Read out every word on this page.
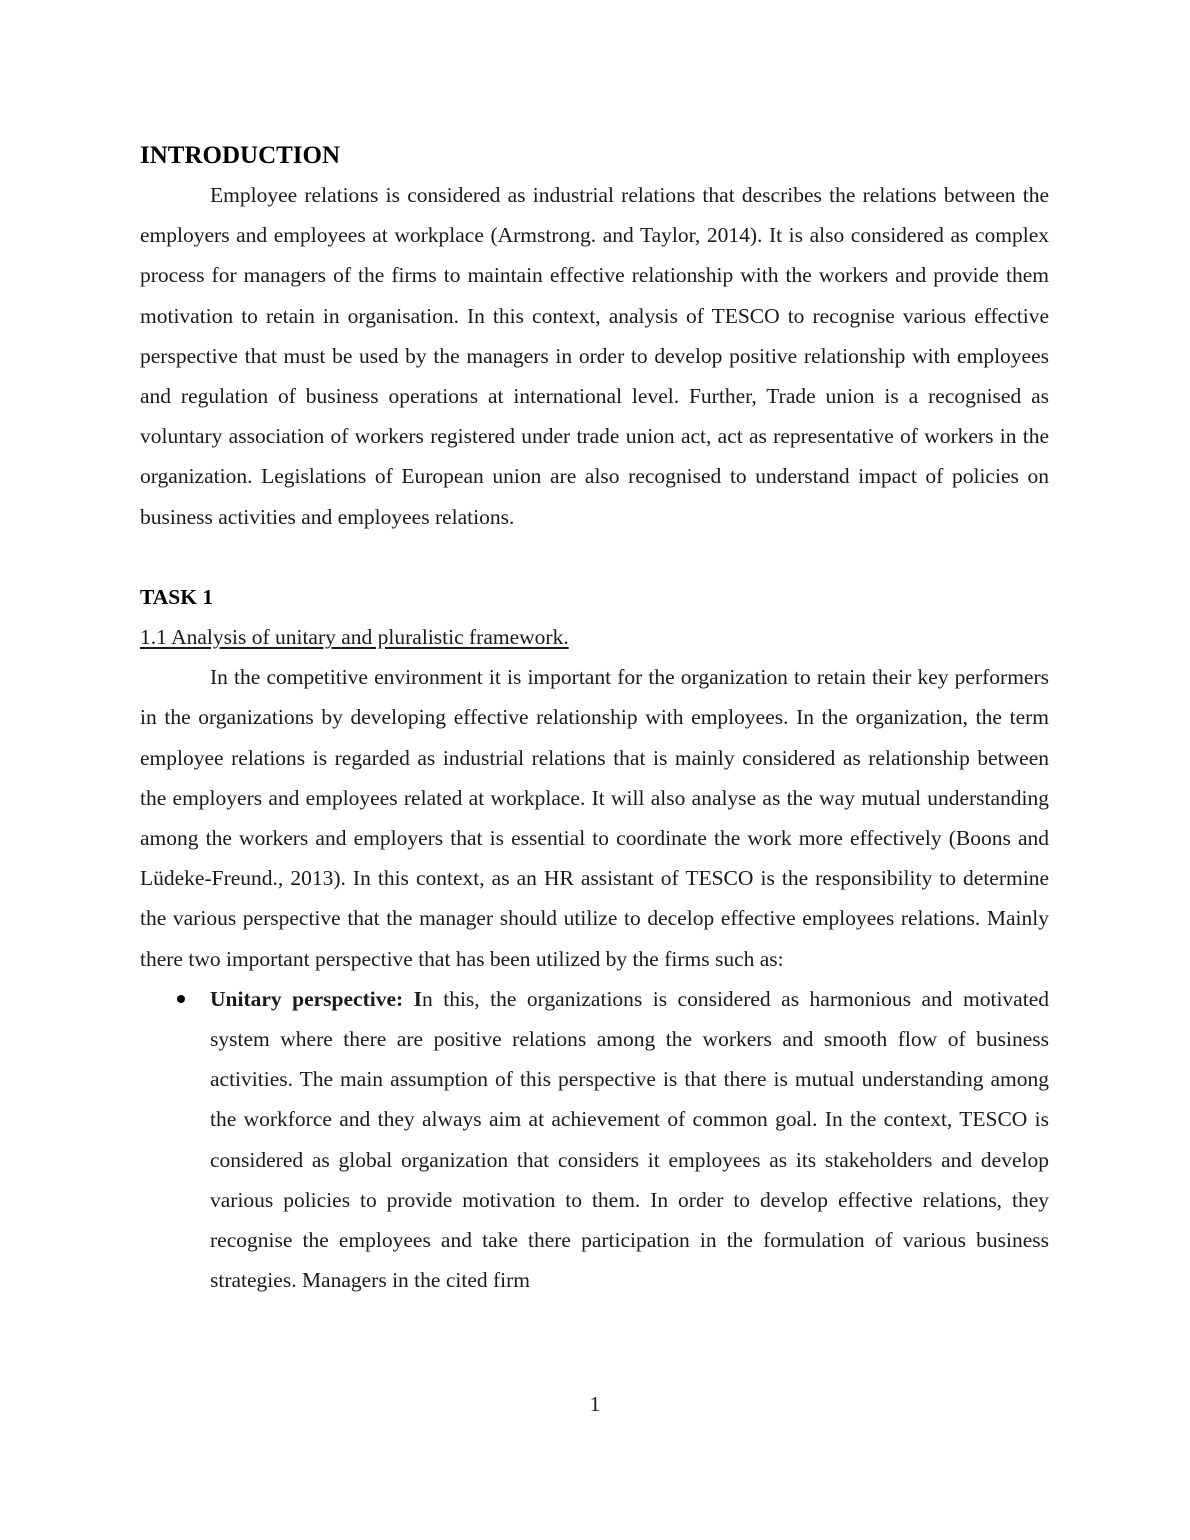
INTRODUCTION

Employee relations is considered as industrial relations that describes the relations between the employers and employees at workplace (Armstrong. and Taylor, 2014). It is also considered as complex process for managers of the firms to maintain effective relationship with the workers and provide them motivation to retain in organisation. In this context, analysis of TESCO to recognise various effective perspective that must be used by the managers in order to develop positive relationship with employees and regulation of business operations at international level. Further, Trade union is a recognised as voluntary association of workers registered under trade union act, act as representative of workers in the organization. Legislations of European union are also recognised to understand impact of policies on business activities and employees relations.

TASK 1

1.1 Analysis of unitary and pluralistic framework.

In the competitive environment it is important for the organization to retain their key performers in the organizations by developing effective relationship with employees. In the organization, the term employee relations is regarded as industrial relations that is mainly considered as relationship between the employers and employees related at workplace. It will also analyse as the way mutual understanding among the workers and employers that is essential to coordinate the work more effectively (Boons and Lüdeke-Freund., 2013). In this context, as an HR assistant of TESCO is the responsibility to determine the various perspective that the manager should utilize to decelop effective employees relations. Mainly there two important perspective that has been utilized by the firms such as:

Unitary perspective: In this, the organizations is considered as harmonious and motivated system where there are positive relations among the workers and smooth flow of business activities. The main assumption of this perspective is that there is mutual understanding among the workforce and they always aim at achievement of common goal. In the context, TESCO is considered as global organization that considers it employees as its stakeholders and develop various policies to provide motivation to them. In order to develop effective relations, they recognise the employees and take there participation in the formulation of various business strategies. Managers in the cited firm
1
